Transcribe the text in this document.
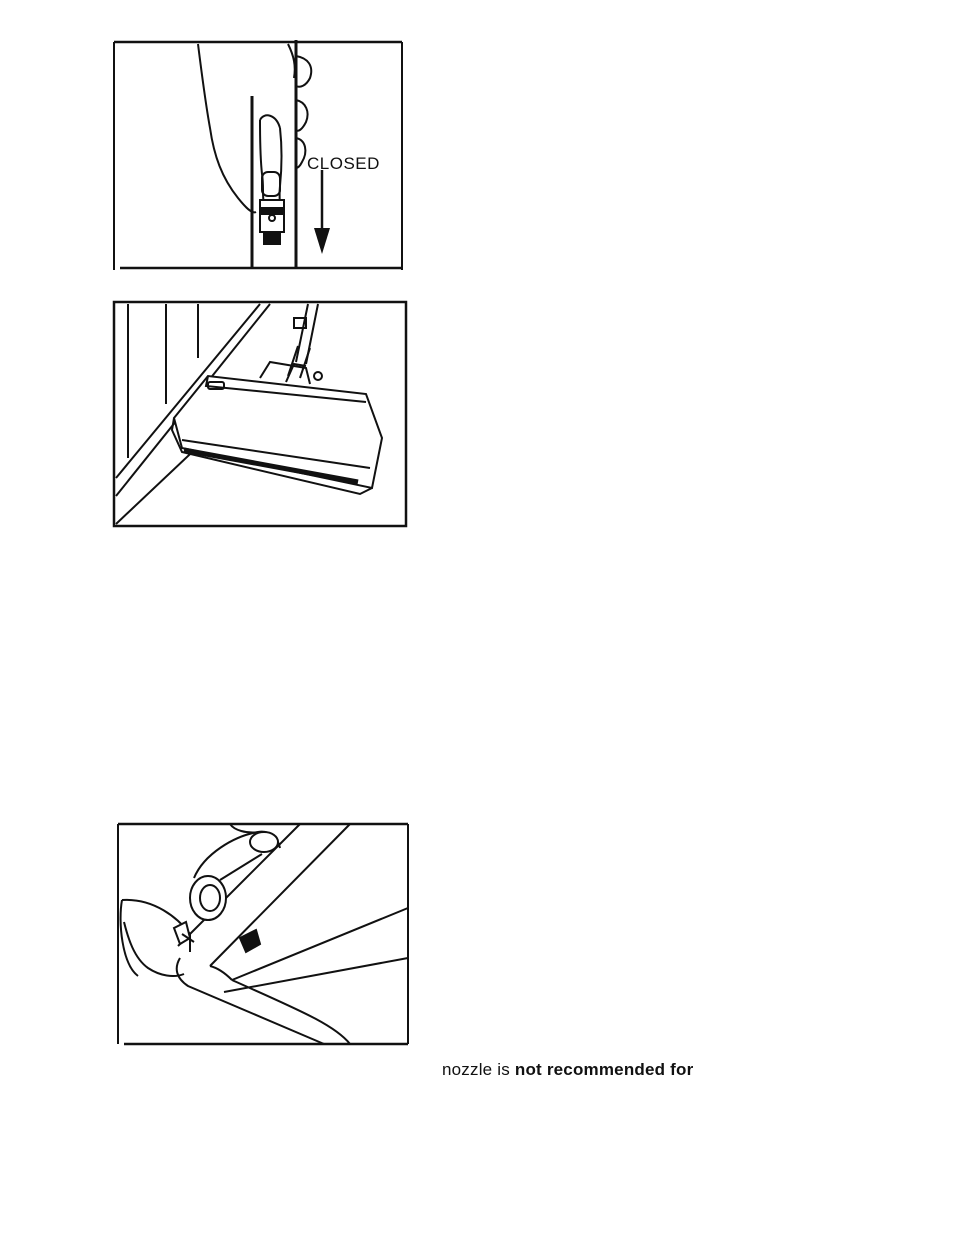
CLOSED
nozzle is not recommended for
